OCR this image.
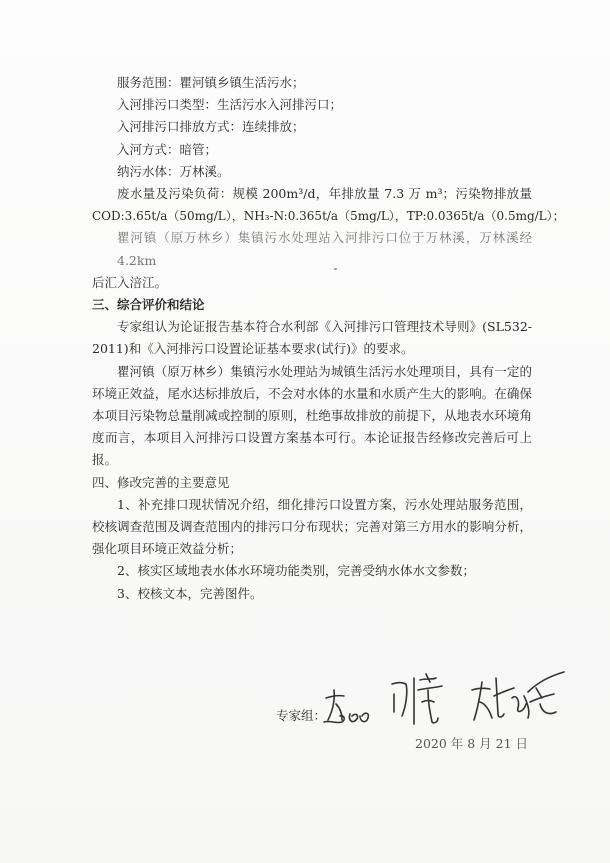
服务范围：瞿河镇乡镇生活污水；
入河排污口类型：生活污水入河排污口；
入河排污口排放方式：连续排放；
入河方式：暗管；
纳污水体：万林溪。
废水量及污染负荷：规模 200m³/d，年排放量 7.3 万 m³；污染物排放量
COD:3.65t/a（50mg/L），NH₃-N:0.365t/a（5mg/L），TP:0.0365t/a（0.5mg/L）；
瞿河镇（原万林乡）集镇污水处理站入河排污口位于万林溪，万林溪经 4.2km
后汇入涪江。
三、综合评价和结论
专家组认为论证报告基本符合水利部《入河排污口管理技术导则》(SL532-2011)和《入河排污口设置论证基本要求(试行)》的要求。
瞿河镇（原万林乡）集镇污水处理站为城镇生活污水处理项目，具有一定的环境正效益，尾水达标排放后，不会对水体的水量和水质产生大的影响。在确保本项目污染物总量削减或控制的原则，杜绝事故排放的前提下，从地表水环境角度而言，本项目入河排污口设置方案基本可行。本论证报告经修改完善后可上报。
四、修改完善的主要意见
1、补充排口现状情况介绍，细化排污口设置方案，污水处理站服务范围，校核调查范围及调查范围内的排污口分布现状；完善对第三方用水的影响分析，强化项目环境正效益分析；
2、核实区域地表水体水环境功能类别，完善受纳水体水文参数；
3、校核文本，完善图件。
专家组：
2020 年 8 月 21 日
